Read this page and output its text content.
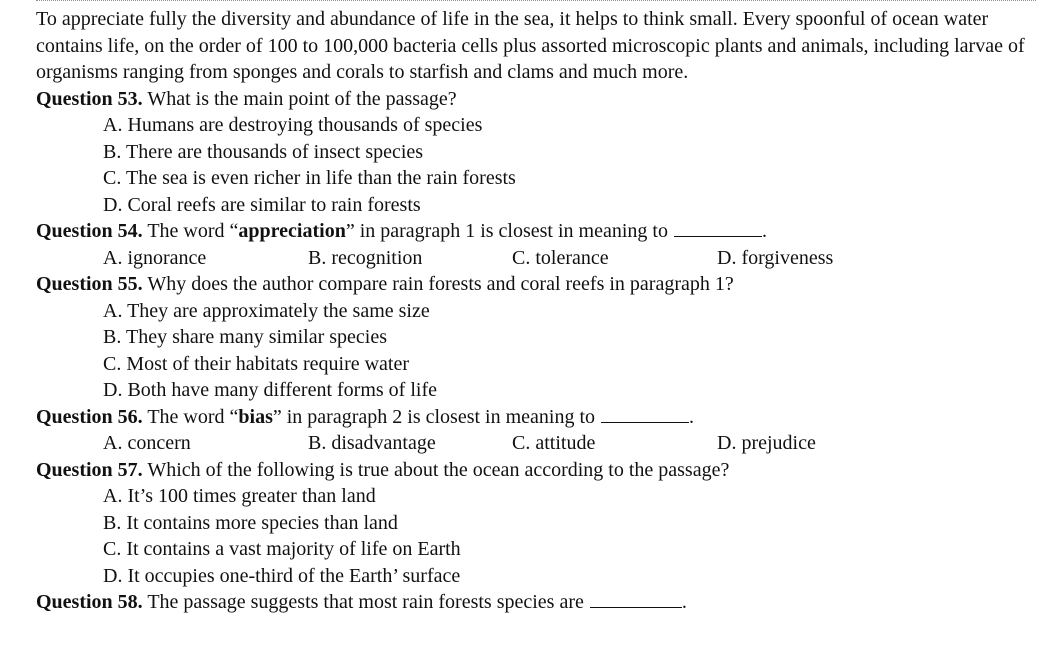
To appreciate fully the diversity and abundance of life in the sea, it helps to think small. Every spoonful of ocean water contains life, on the order of 100 to 100,000 bacteria cells plus assorted microscopic plants and animals, including larvae of organisms ranging from sponges and corals to starfish and clams and much more.

Question 53. What is the main point of the passage?
A. Humans are destroying thousands of species
B. There are thousands of insect species
C. The sea is even richer in life than the rain forests
D. Coral reefs are similar to rain forests
Question 54. The word “appreciation” in paragraph 1 is closest in meaning to	.
A. ignorance	B. recognition	C. tolerance	D. forgiveness
Question 55. Why does the author compare rain forests and coral reefs in paragraph 1?
A. They are approximately the same size
B. They share many similar species
C. Most of their habitats require water
D. Both have many different forms of life
Question 56. The word “bias” in paragraph 2 is closest in meaning to	.
A. concern	B. disadvantage	C. attitude	D. prejudice
Question 57. Which of the following is true about the ocean according to the passage?
A. It’s 100 times greater than land
B. It contains more species than land
C. It contains a vast majority of life on Earth
D. It occupies one-third of the Earth’ surface
Question 58. The passage suggests that most rain forests species are	.
